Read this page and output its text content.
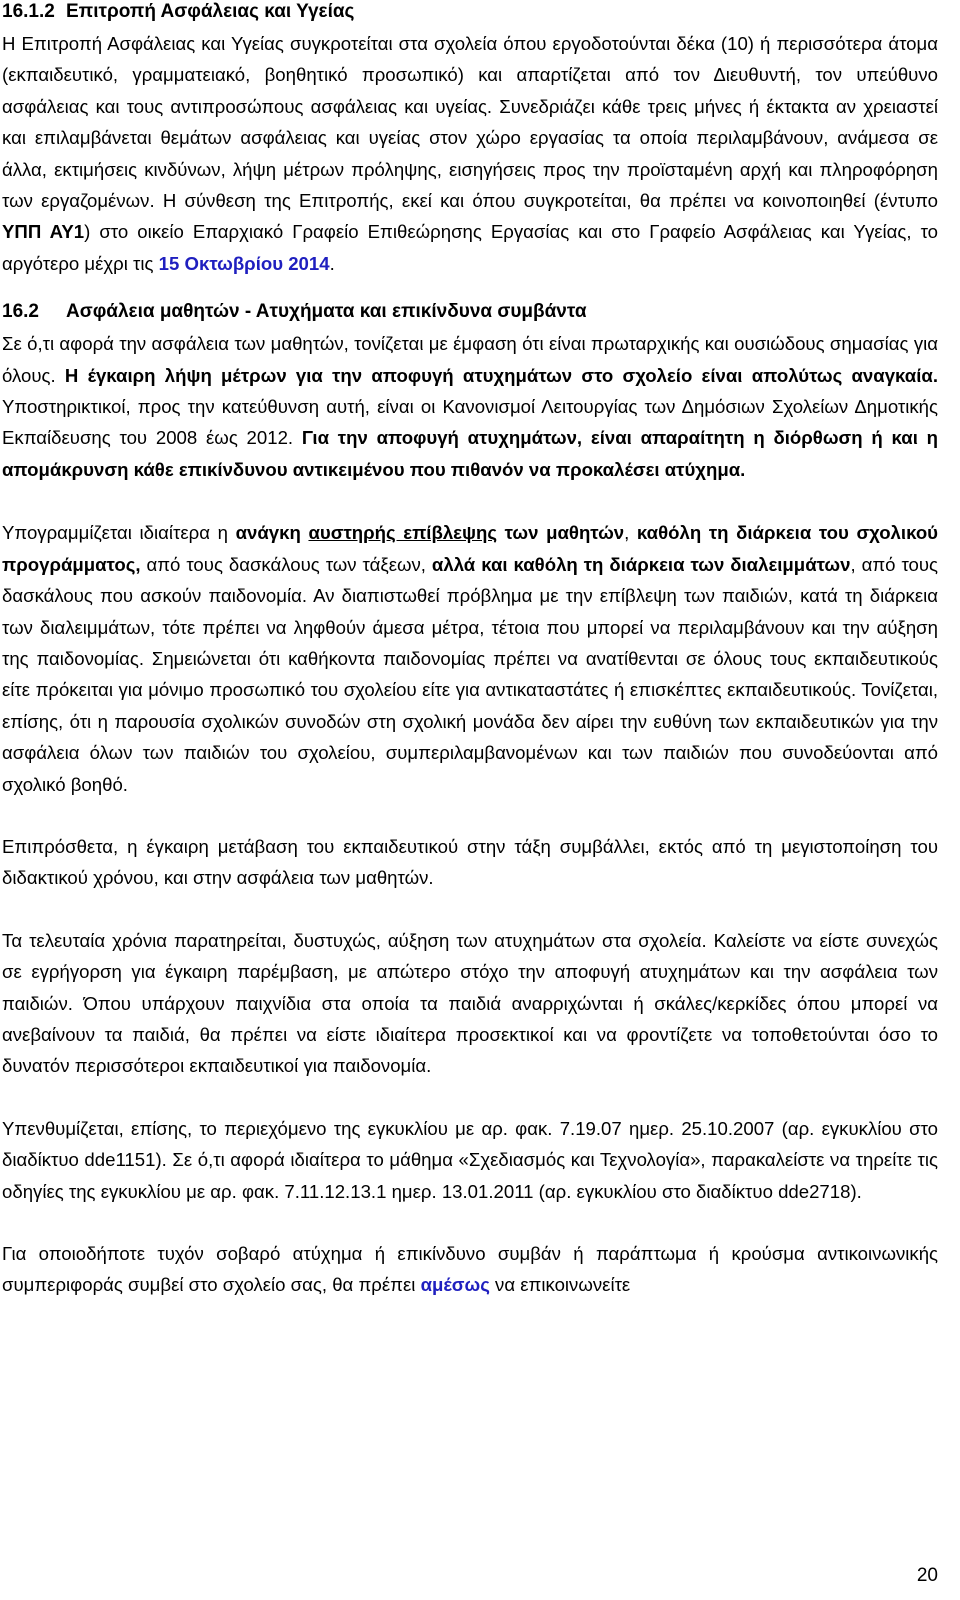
16.1.2 Επιτροπή Ασφάλειας και Υγείας

Η Επιτροπή Ασφάλειας και Υγείας συγκροτείται στα σχολεία όπου εργοδοτούνται δέκα (10) ή περισσότερα άτομα (εκπαιδευτικό, γραμματειακό, βοηθητικό προσωπικό) και απαρτίζεται από τον Διευθυντή, τον υπεύθυνο ασφάλειας και τους αντιπροσώπους ασφάλειας και υγείας. Συνεδριάζει κάθε τρεις μήνες ή έκτακτα αν χρειαστεί και επιλαμβάνεται θεμάτων ασφάλειας και υγείας στον χώρο εργασίας τα οποία περιλαμβάνουν, ανάμεσα σε άλλα, εκτιμήσεις κινδύνων, λήψη μέτρων πρόληψης, εισηγήσεις προς την προϊσταμένη αρχή και πληροφόρηση των εργαζομένων. Η σύνθεση της Επιτροπής, εκεί και όπου συγκροτείται, θα πρέπει να κοινοποιηθεί (έντυπο ΥΠΠ ΑΥ1) στο οικείο Επαρχιακό Γραφείο Επιθεώρησης Εργασίας και στο Γραφείο Ασφάλειας και Υγείας, το αργότερο μέχρι τις 15 Οκτωβρίου 2014.

16.2 Ασφάλεια μαθητών - Ατυχήματα και επικίνδυνα συμβάντα

Σε ό,τι αφορά την ασφάλεια των μαθητών, τονίζεται με έμφαση ότι είναι πρωταρχικής και ουσιώδους σημασίας για όλους. Η έγκαιρη λήψη μέτρων για την αποφυγή ατυχημάτων στο σχολείο είναι απολύτως αναγκαία. Υποστηρικτικοί, προς την κατεύθυνση αυτή, είναι οι Κανονισμοί Λειτουργίας των Δημόσιων Σχολείων Δημοτικής Εκπαίδευσης του 2008 έως 2012. Για την αποφυγή ατυχημάτων, είναι απαραίτητη η διόρθωση ή και η απομάκρυνση κάθε επικίνδυνου αντικειμένου που πιθανόν να προκαλέσει ατύχημα.

Υπογραμμίζεται ιδιαίτερα η ανάγκη αυστηρής επίβλεψης των μαθητών, καθόλη τη διάρκεια του σχολικού προγράμματος, από τους δασκάλους των τάξεων, αλλά και καθόλη τη διάρκεια των διαλειμμάτων, από τους δασκάλους που ασκούν παιδονομία. Αν διαπιστωθεί πρόβλημα με την επίβλεψη των παιδιών, κατά τη διάρκεια των διαλειμμάτων, τότε πρέπει να ληφθούν άμεσα μέτρα, τέτοια που μπορεί να περιλαμβάνουν και την αύξηση της παιδονομίας. Σημειώνεται ότι καθήκοντα παιδονομίας πρέπει να ανατίθενται σε όλους τους εκπαιδευτικούς είτε πρόκειται για μόνιμο προσωπικό του σχολείου είτε για αντικαταστάτες ή επισκέπτες εκπαιδευτικούς. Τονίζεται, επίσης, ότι η παρουσία σχολικών συνοδών στη σχολική μονάδα δεν αίρει την ευθύνη των εκπαιδευτικών για την ασφάλεια όλων των παιδιών του σχολείου, συμπεριλαμβανομένων και των παιδιών που συνοδεύονται από σχολικό βοηθό.

Επιπρόσθετα, η έγκαιρη μετάβαση του εκπαιδευτικού στην τάξη συμβάλλει, εκτός από τη μεγιστοποίηση του διδακτικού χρόνου, και στην ασφάλεια των μαθητών.

Τα τελευταία χρόνια παρατηρείται, δυστυχώς, αύξηση των ατυχημάτων στα σχολεία. Καλείστε να είστε συνεχώς σε εγρήγορση για έγκαιρη παρέμβαση, με απώτερο στόχο την αποφυγή ατυχημάτων και την ασφάλεια των παιδιών. Όπου υπάρχουν παιχνίδια στα οποία τα παιδιά αναρριχώνται ή σκάλες/κερκίδες όπου μπορεί να ανεβαίνουν τα παιδιά, θα πρέπει να είστε ιδιαίτερα προσεκτικοί και να φροντίζετε να τοποθετούνται όσο το δυνατόν περισσότεροι εκπαιδευτικοί για παιδονομία.

Υπενθυμίζεται, επίσης, το περιεχόμενο της εγκυκλίου με αρ. φακ. 7.19.07 ημερ. 25.10.2007 (αρ. εγκυκλίου στο διαδίκτυο dde1151). Σε ό,τι αφορά ιδιαίτερα το μάθημα «Σχεδιασμός και Τεχνολογία», παρακαλείστε να τηρείτε τις οδηγίες της εγκυκλίου με αρ. φακ. 7.11.12.13.1 ημερ. 13.01.2011 (αρ. εγκυκλίου στο διαδίκτυο dde2718).

Για οποιοδήποτε τυχόν σοβαρό ατύχημα ή επικίνδυνο συμβάν ή παράπτωμα ή κρούσμα αντικοινωνικής συμπεριφοράς συμβεί στο σχολείο σας, θα πρέπει αμέσως να επικοινωνείτε

20
